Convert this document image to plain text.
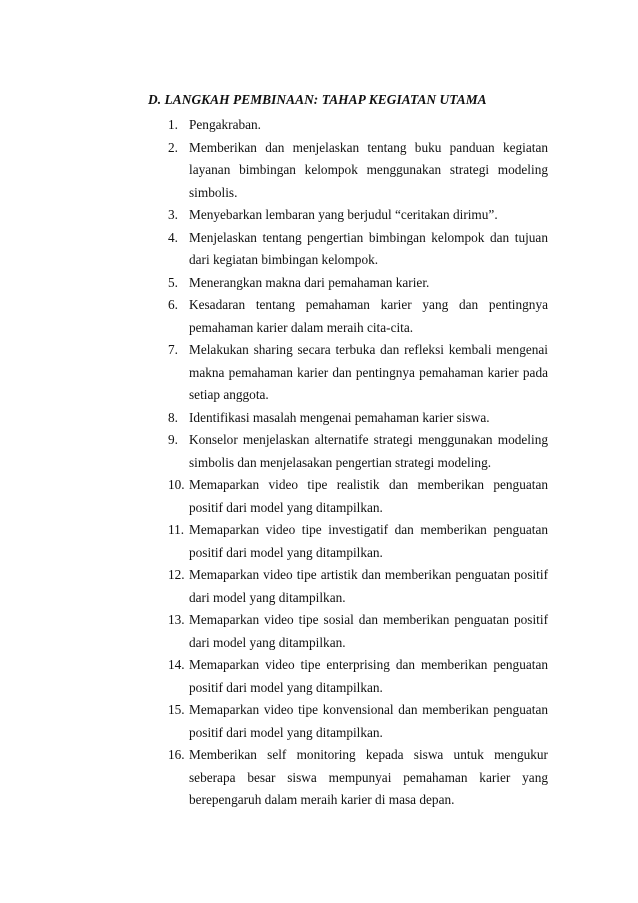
D. LANGKAH PEMBINAAN: TAHAP KEGIATAN UTAMA
1. Pengakraban.
2. Memberikan dan menjelaskan tentang buku panduan kegiatan layanan bimbingan kelompok menggunakan strategi modeling simbolis.
3. Menyebarkan lembaran yang berjudul “ceritakan dirimu”.
4. Menjelaskan tentang pengertian bimbingan kelompok dan tujuan dari kegiatan bimbingan kelompok.
5. Menerangkan makna dari pemahaman karier.
6. Kesadaran tentang pemahaman karier yang dan pentingnya pemahaman karier dalam meraih cita-cita.
7. Melakukan sharing secara terbuka dan refleksi kembali mengenai makna pemahaman karier dan pentingnya pemahaman karier pada setiap anggota.
8. Identifikasi masalah mengenai pemahaman karier siswa.
9. Konselor menjelaskan alternatife strategi menggunakan modeling simbolis dan menjelasakan pengertian strategi modeling.
10. Memaparkan video tipe realistik dan memberikan penguatan positif dari model yang ditampilkan.
11. Memaparkan video tipe investigatif dan memberikan penguatan positif dari model yang ditampilkan.
12. Memaparkan video tipe artistik dan memberikan penguatan positif dari model yang ditampilkan.
13. Memaparkan video tipe sosial dan memberikan penguatan positif dari model yang ditampilkan.
14. Memaparkan video tipe enterprising dan memberikan penguatan positif dari model yang ditampilkan.
15. Memaparkan video tipe konvensional dan memberikan penguatan positif dari model yang ditampilkan.
16. Memberikan self monitoring kepada siswa untuk mengukur seberapa besar siswa mempunyai pemahaman karier yang berepengaruh dalam meraih karier di masa depan.
